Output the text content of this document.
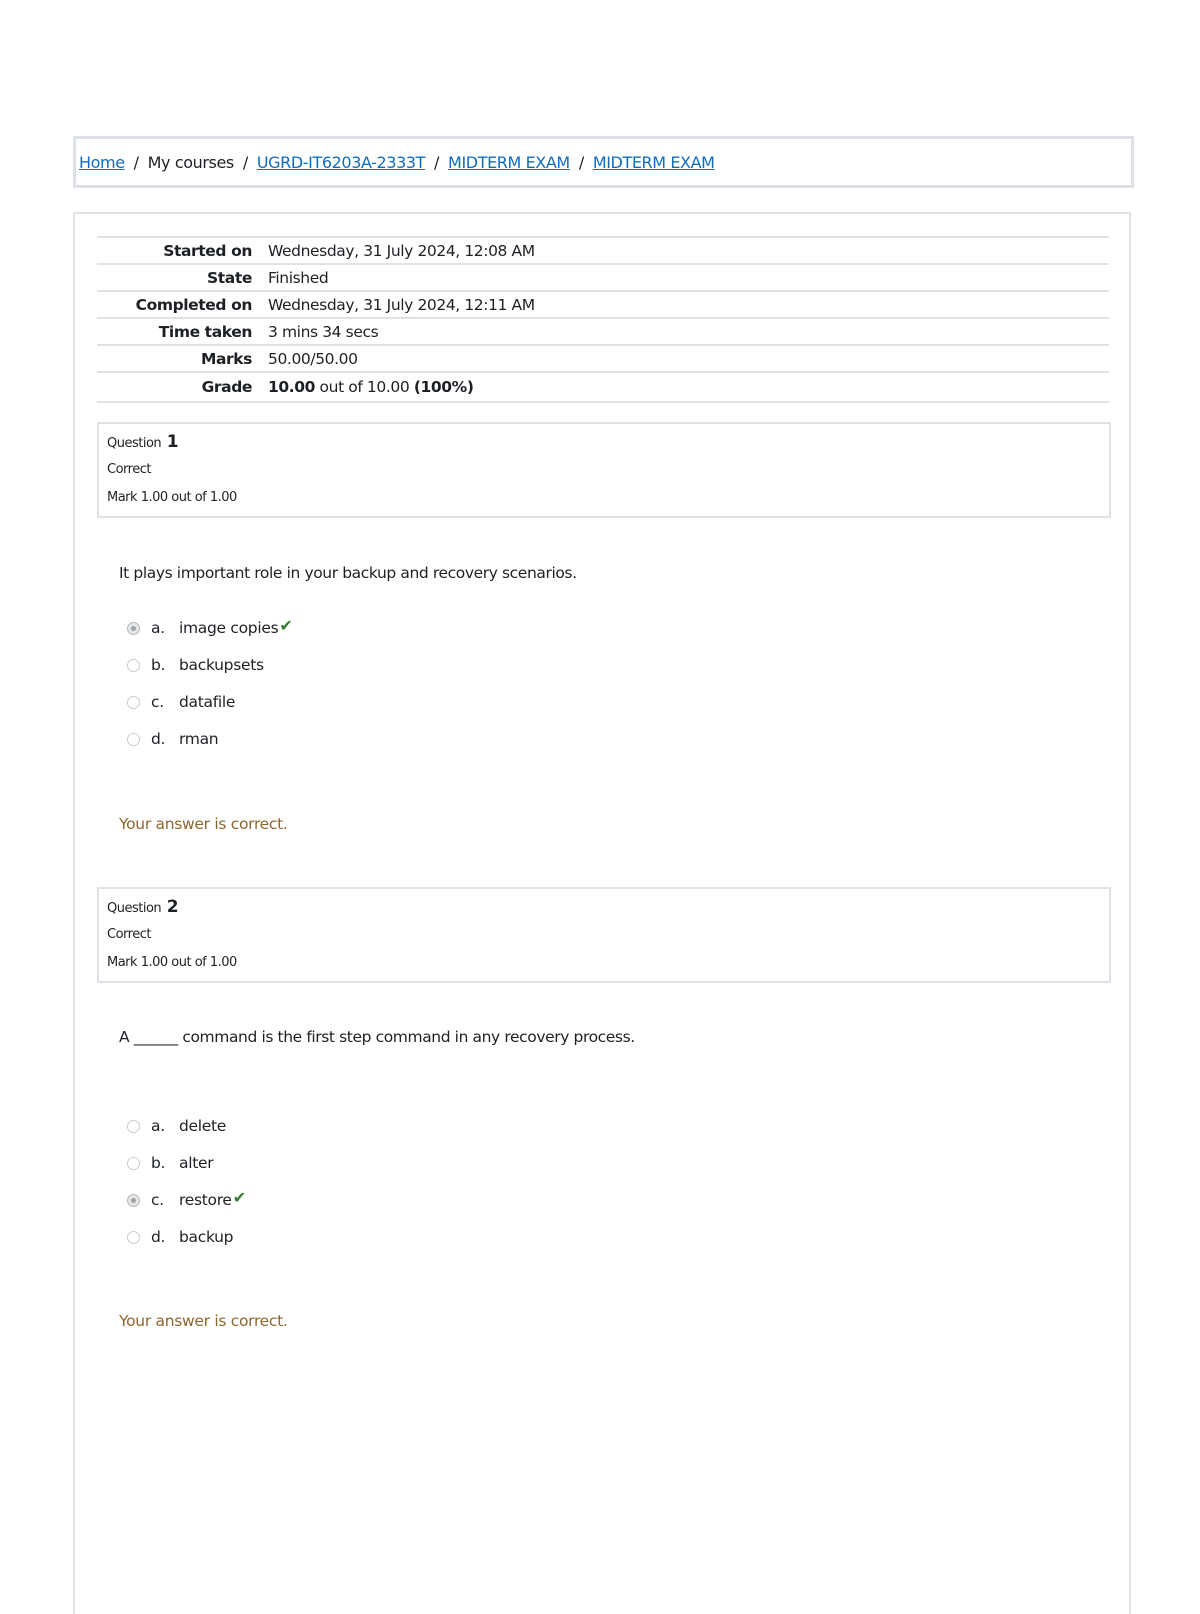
Home / My courses / UGRD-IT6203A-2333T / MIDTERM EXAM / MIDTERM EXAM
Started on	Wednesday, 31 July 2024, 12:08 AM
State	Finished
Completed on	Wednesday, 31 July 2024, 12:11 AM
Time taken	3 mins 34 secs
Marks	50.00/50.00
Grade	10.00 out of 10.00 (100%)
Question 1
Correct
Mark 1.00 out of 1.00
It plays important role in your backup and recovery scenarios.
a. image copies ✔
b. backupsets
c. datafile
d. rman
Your answer is correct.
Question 2
Correct
Mark 1.00 out of 1.00
A ______ command is the first step command in any recovery process.
a. delete
b. alter
c. restore ✔
d. backup
Your answer is correct.
